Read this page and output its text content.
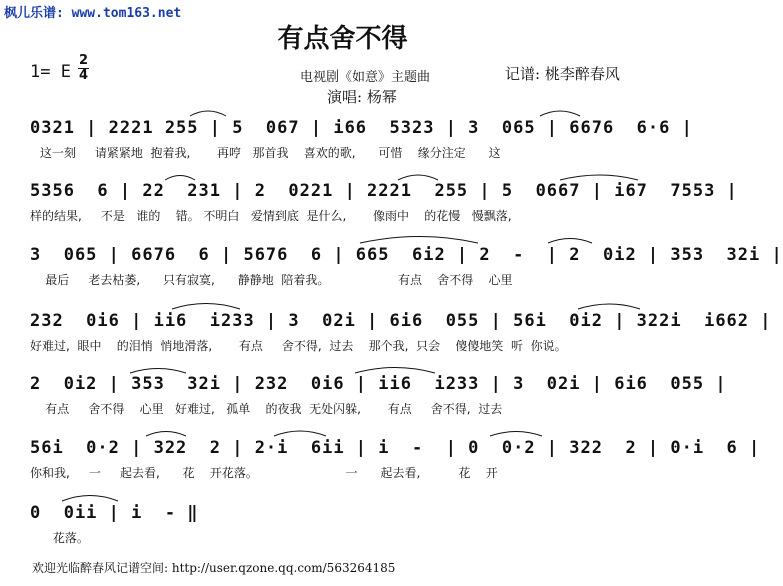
枫儿乐谱: www.tom163.net
有点舍不得
1= E
2
4	电视剧《如意》主题曲	记谱: 桃李醉春风
演唱: 杨幂
0321 | 2221 255 | 5  067 | i66  5323 | 3  065 | 6676  6·6 |
这一刻     请紧紧地  抱着我,       再哼   那首我    喜欢的歌,      可惜    缘分注定      这
5356  6 | 22  231 | 2  0221 | 2221  255 | 5  0667 | i67  7553 |
样的结果,     不是   谁的    错。 不明白   爱情到底  是什么,       像雨中    的花慢   慢飘落,
3  065 | 6676  6 | 5676  6 | 665  6i2 | 2  -  | 2  0i2 | 353  32i |
最后     老去枯萎,      只有寂寞,      静静地  陪着我。                  有点    舍不得    心里
232  0i6 | ii6  i233 | 3  02i | 6i6  055 | 56i  0i2 | 322i  i662 |
好难过,  眼中    的泪悄  悄地滑落,       有点     舍不得,  过去    那个我,  只会    傻傻地笑  听  你说。
2  0i2 | 353  32i | 232  0i6 | ii6  i233 | 3  02i | 6i6  055 |
有点     舍不得    心里   好难过,   孤单    的夜我  无处闪躲,       有点     舍不得,  过去
56i  0·2 | 322  2 | 2·i  6ii | i  -  | 0  0·2 | 322  2 | 0·i  6 |
你和我,     一     起去看,      花    开花落。                       一      起去看,          花    开
0  0ii | i  - ‖
花落。
欢迎光临醉春风记谱空间: http://user.qzone.qq.com/563264185
